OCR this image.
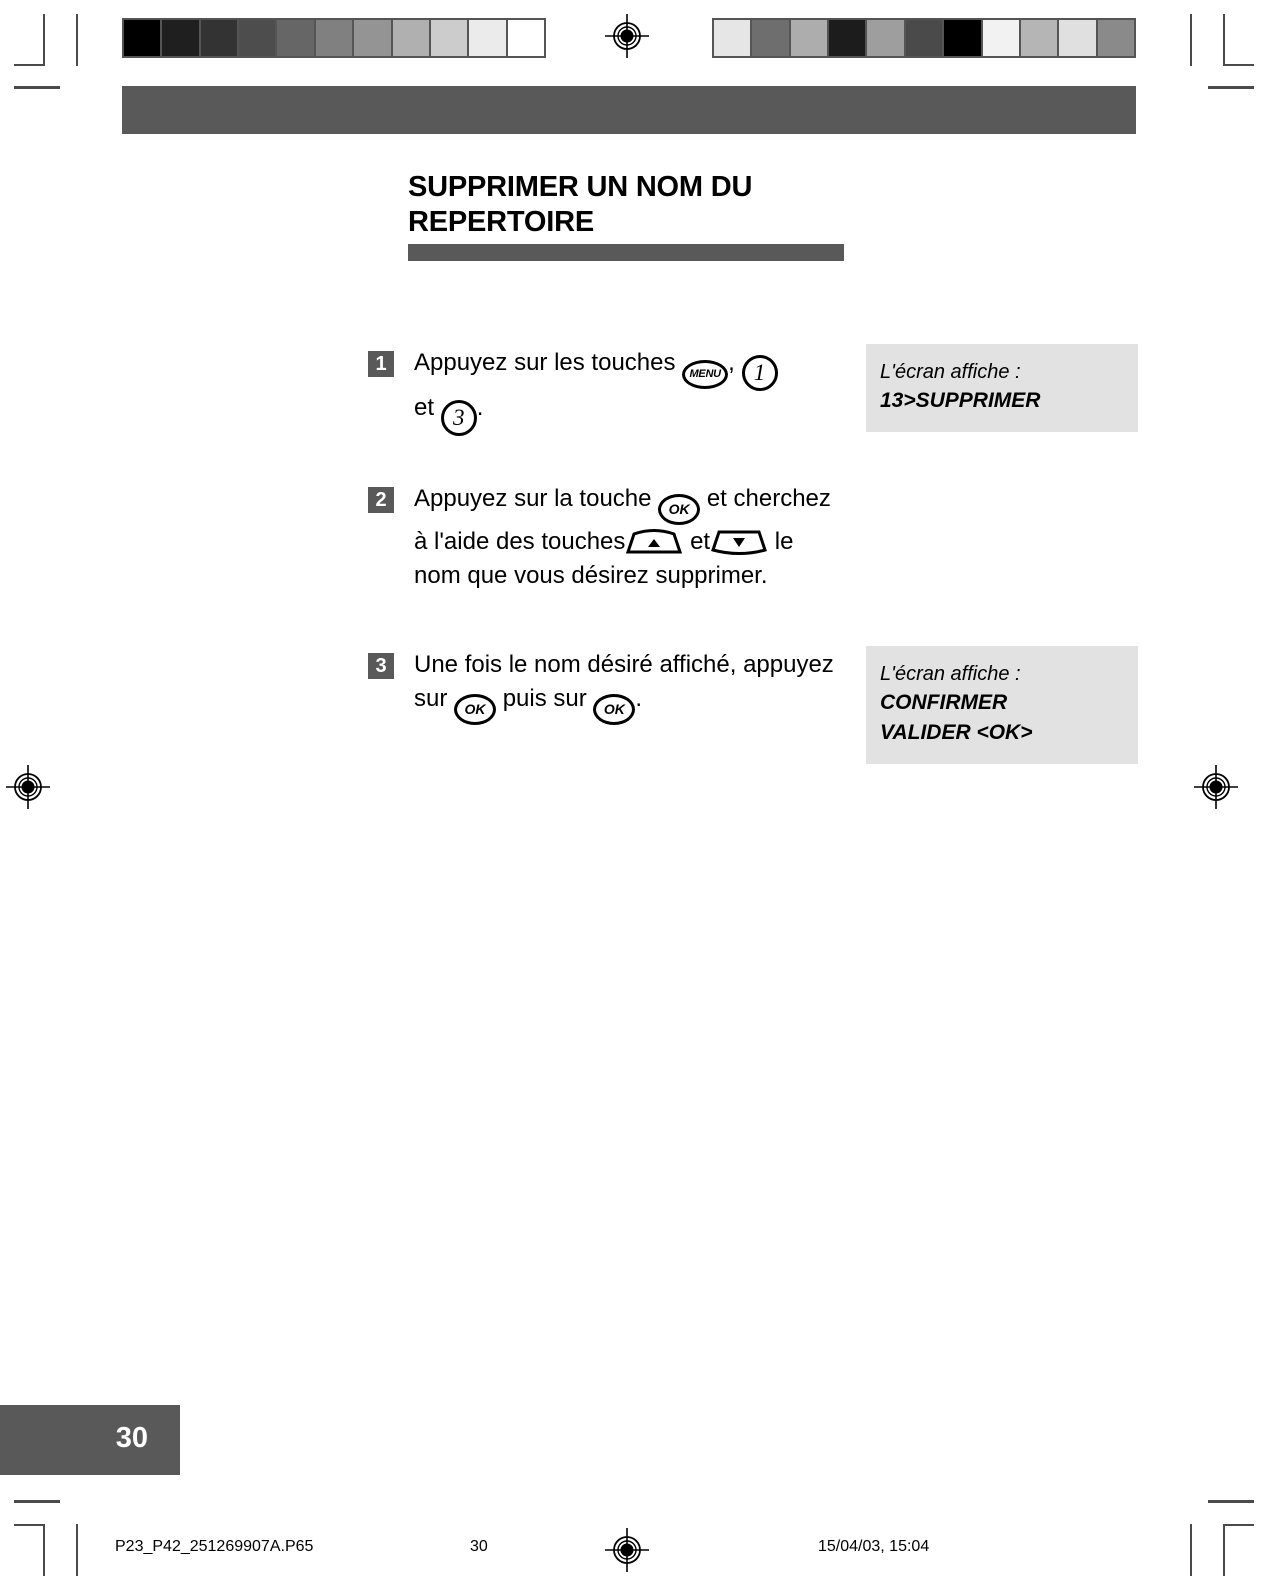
SUPPRIMER UN NOM DU
REPERTOIRE
1	Appuyez sur les touches	MENU , 1

et 3 .
2	Appuyez sur la touche	OK et cherchez à l'aide des touches	et	le nom que vous désirez supprimer.
3	Une fois le nom désiré affiché, appuyez sur	OK puis sur	OK .
L'écran affiche :
13>SUPPRIMER
L'écran affiche :
CONFIRMER
VALIDER <OK>
30
P23_P42_251269907A.P65	30	15/04/03, 15:04
